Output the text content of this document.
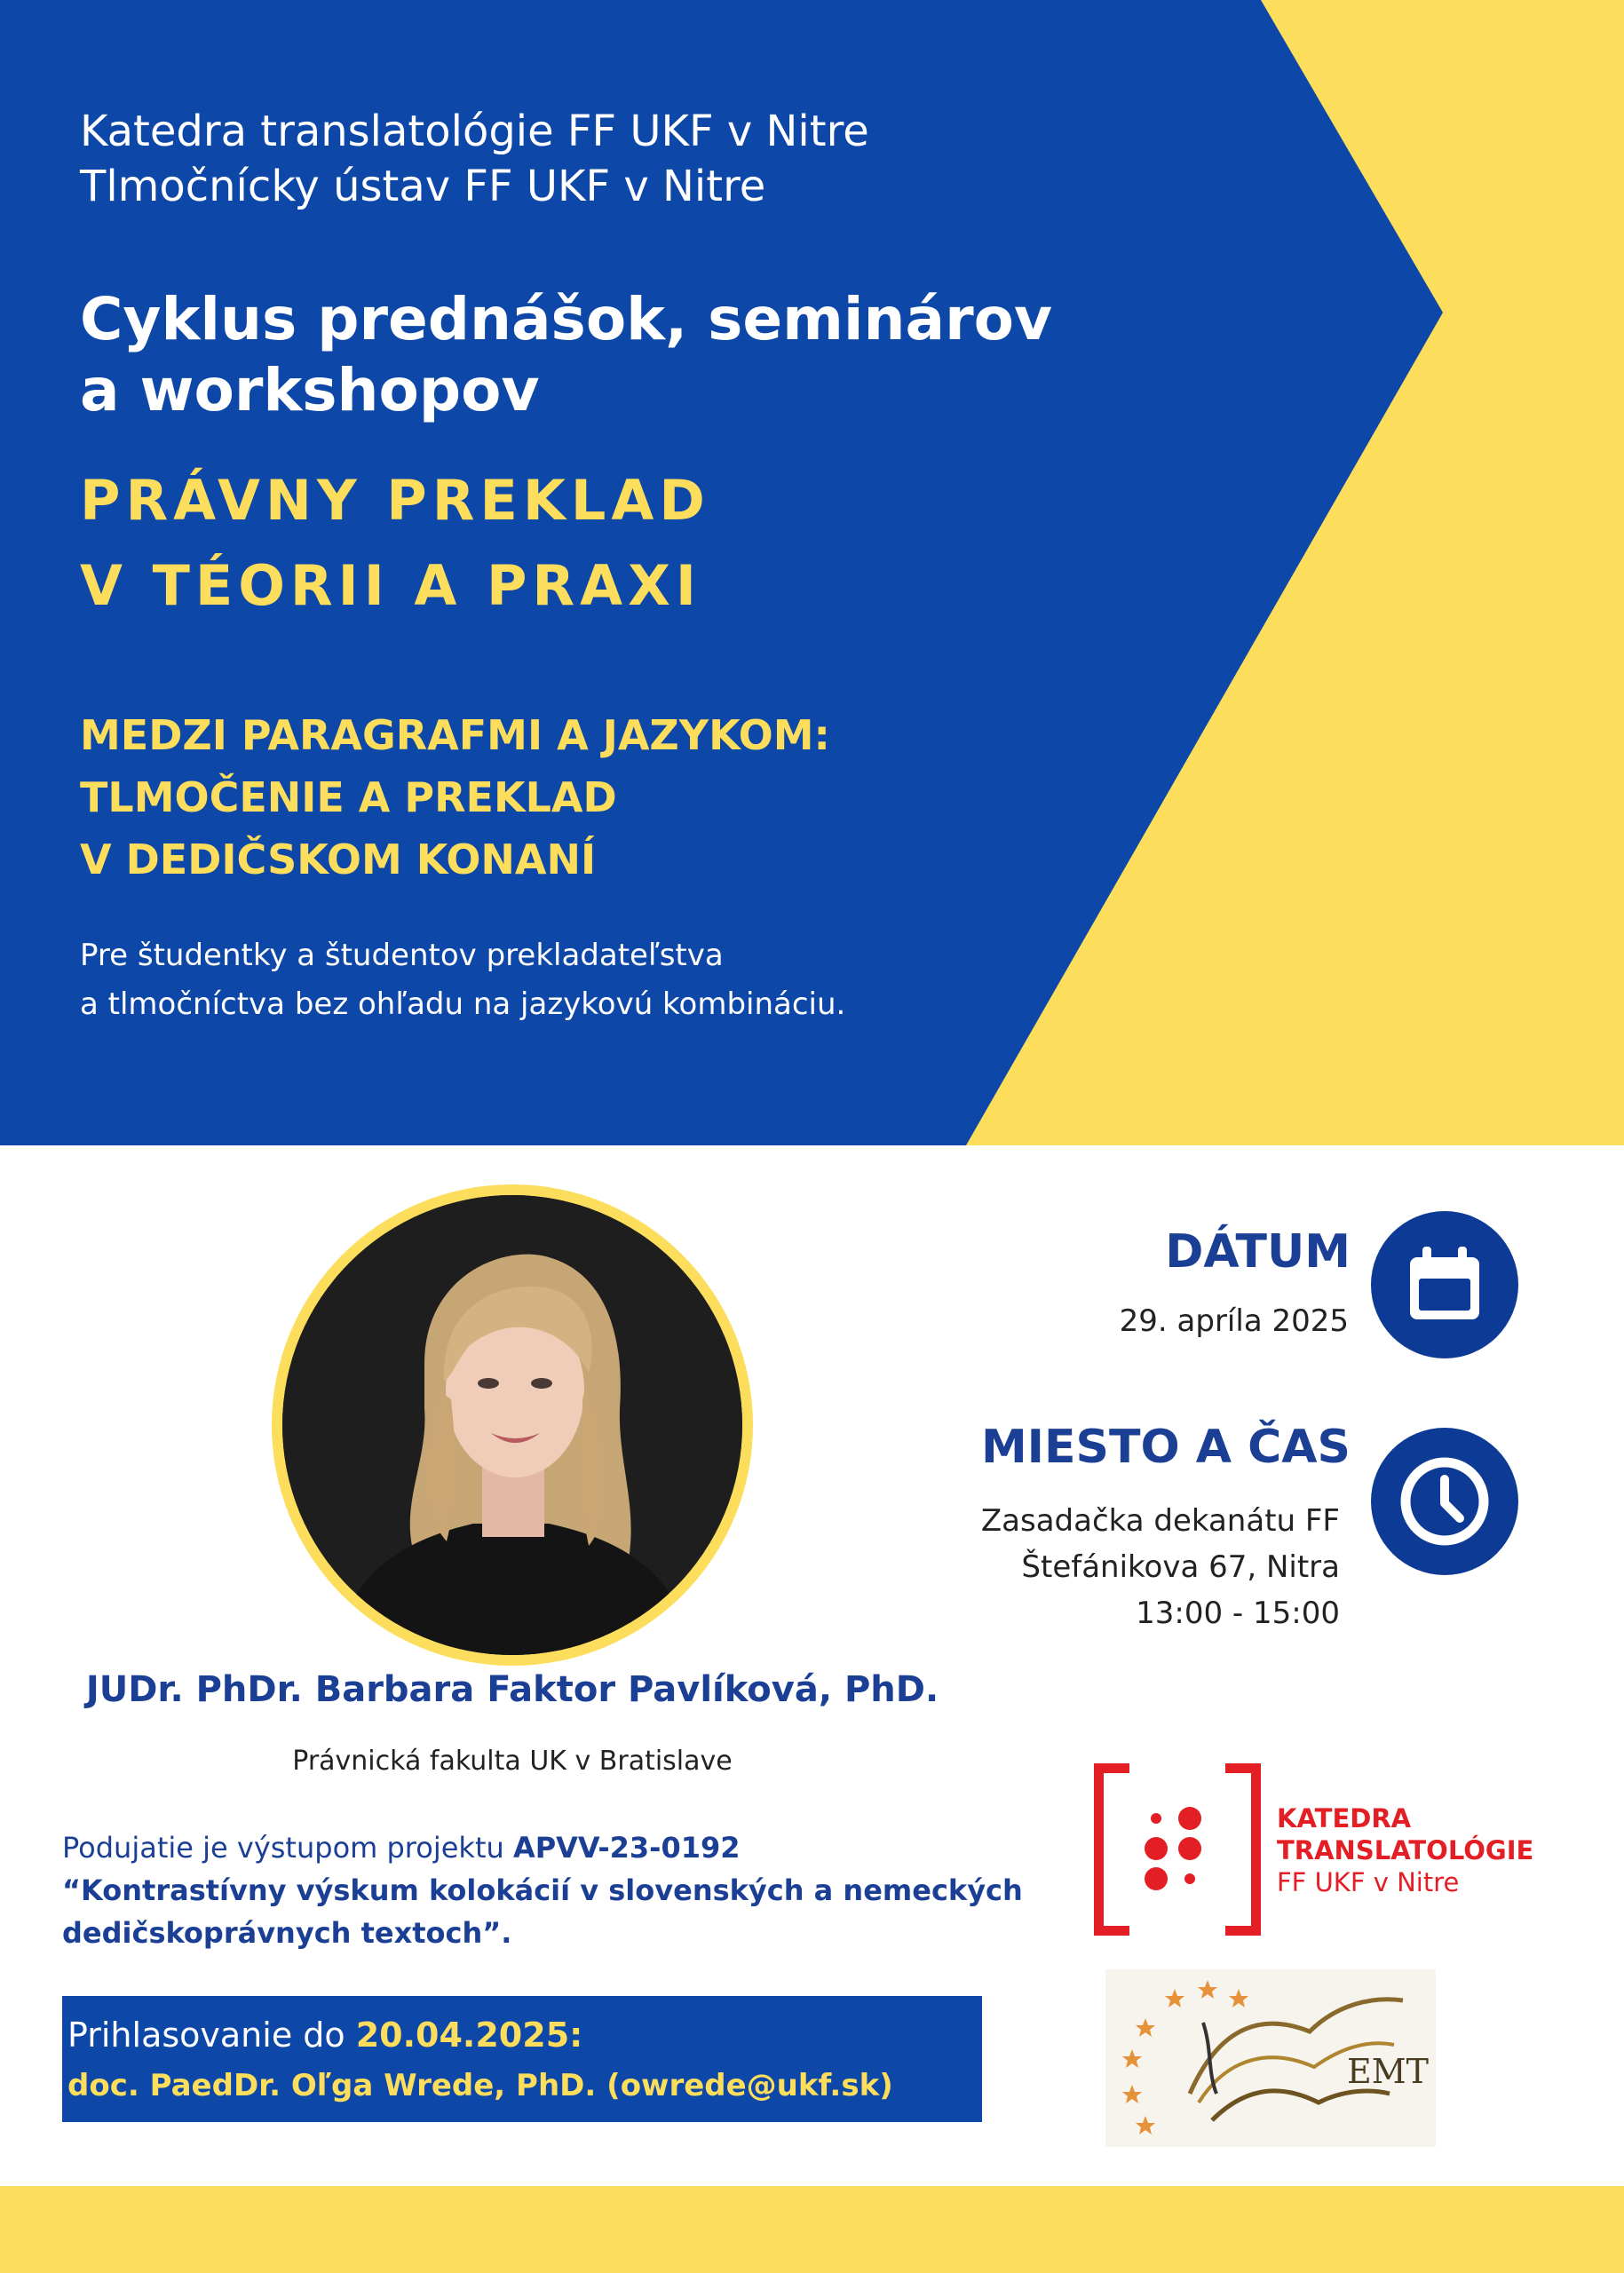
Katedra translatológie FF UKF v Nitre
Tlmočnícky ústav FF UKF v Nitre
Cyklus prednášok, seminárov
a workshopov
PRÁVNY PREKLAD
V TÉORII A PRAXI
MEDZI PARAGRAFMI A JAZYKOM:
TLMOČENIE A PREKLAD
V DEDIČSKOM KONANÍ
Pre študentky a študentov prekladateľstva
a tlmočníctva bez ohľadu na jazykovú kombináciu.
JUDr. PhDr. Barbara Faktor Pavlíková, PhD.
Právnická fakulta UK v Bratislave
DÁTUM
29. apríla 2025
MIESTO A ČAS
Zasadačka dekanátu FF
Štefánikova 67, Nitra
13:00 - 15:00
Podujatie je výstupom projektu APVV-23-0192
“Kontrastívny výskum kolokácií v slovenských a nemeckých
dedičskoprávnych textoch”.
Prihlasovanie do 20.04.2025:
doc. PaedDr. Oľga Wrede, PhD. (owrede@ukf.sk)
KATEDRA
TRANSLATOLÓGIE
FF UKF v Nitre
EMT
